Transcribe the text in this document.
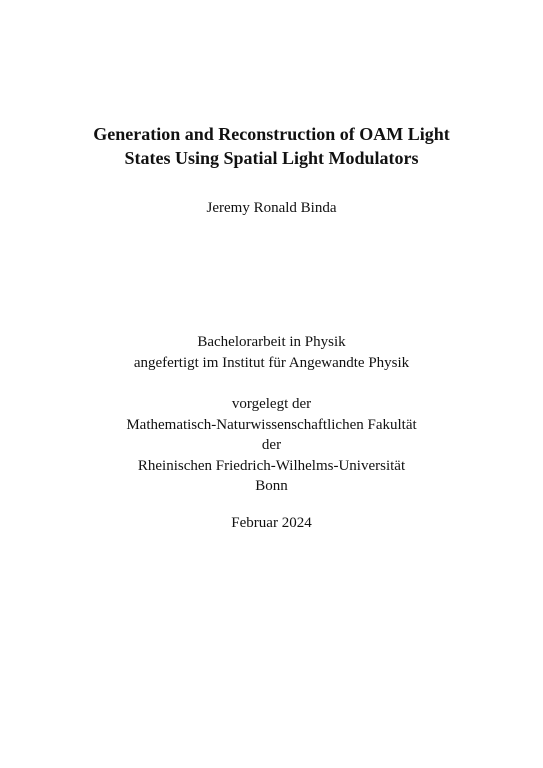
Generation and Reconstruction of OAM Light
States Using Spatial Light Modulators
Jeremy Ronald Binda
Bachelorarbeit in Physik
angefertigt im Institut für Angewandte Physik
vorgelegt der
Mathematisch-Naturwissenschaftlichen Fakultät
der
Rheinischen Friedrich-Wilhelms-Universität
Bonn
Februar 2024
